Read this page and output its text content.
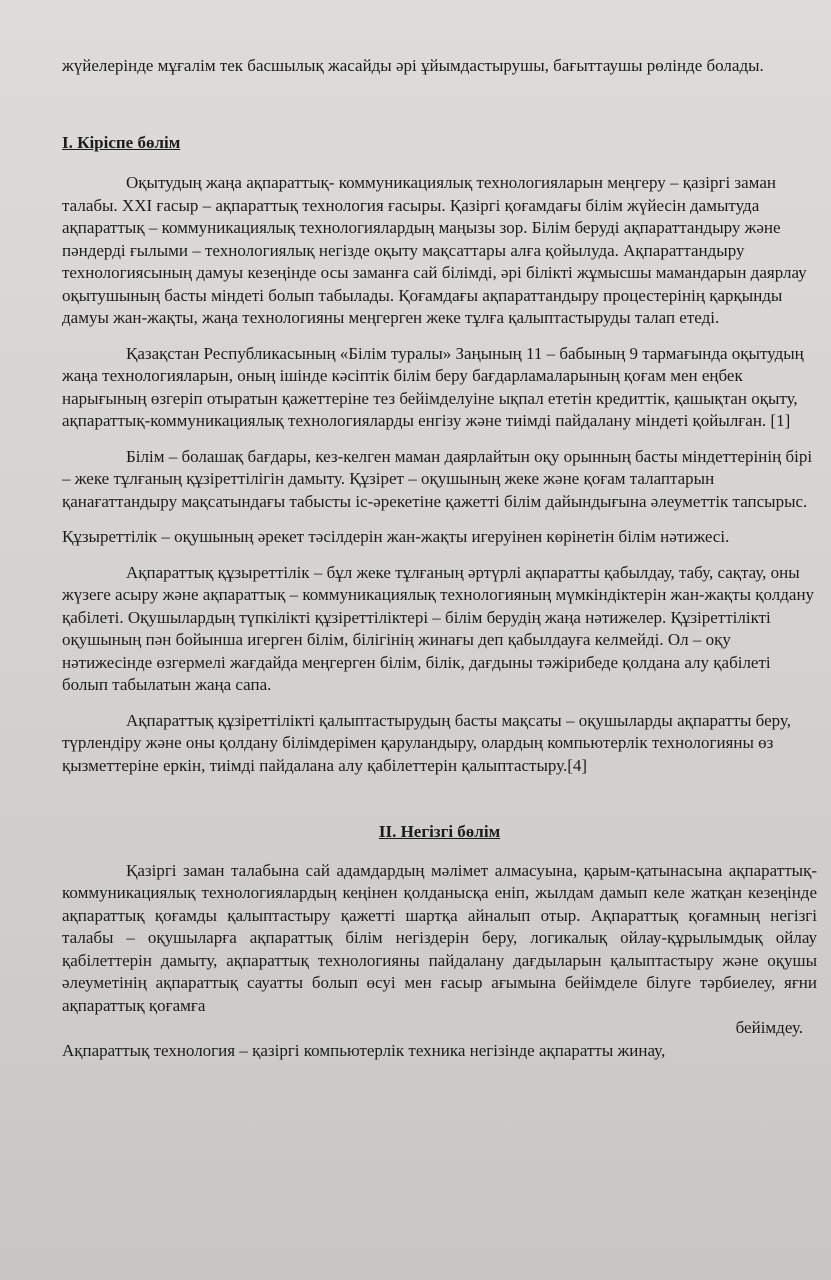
жүйелерінде мұғалім тек басшылық жасайды әрі ұйымдастырушы, бағыттаушы рөлінде болады.

I. Кіріспе бөлім

Оқытудың жаңа ақпараттық- коммуникациялық технологияларын меңгеру – қазіргі заман талабы. XXI ғасыр – ақпараттық технология ғасыры. Қазіргі қоғамдағы білім жүйесін дамытуда ақпараттық – коммуникациялық технологиялардың маңызы зор. Білім беруді ақпараттандыру және пәндерді ғылыми – технологиялық негізде оқыту мақсаттары алға қойылуда. Ақпараттандыру технологиясының дамуы кезеңінде осы заманға сай білімді, әрі білікті жұмысшы мамандарын даярлау оқытушының басты міндеті болып табылады. Қоғамдағы ақпараттандыру процестерінің қарқынды дамуы жан-жақты, жаңа технологияны меңгерген жеке тұлға қалыптастыруды талап етеді.

Қазақстан Республикасының «Білім туралы» Заңының 11 – бабының 9 тармағында оқытудың жаңа технологияларын, оның ішінде кәсіптік білім беру бағдарламаларының қоғам мен еңбек нарығының өзгеріп отыратын қажеттеріне тез бейімделуіне ықпал ететін кредиттік, қашықтан оқыту, ақпараттық-коммуникациялық технологияларды енгізу және тиімді пайдалану міндеті қойылған. [1]

Білім – болашақ бағдары, кез-келген маман даярлайтын оқу орынның басты міндеттерінің бірі – жеке тұлғаның құзіреттілігін дамыту. Құзірет – оқушының жеке және қоғам талаптарын қанағаттандыру мақсатындағы табысты іс-әрекетіне қажетті білім дайындығына әлеуметтік тапсырыс.

Құзыреттілік – оқушының әрекет тәсілдерін жан-жақты игеруінен көрінетін білім нәтижесі.

Ақпараттық құзыреттілік – бұл жеке тұлғаның әртүрлі ақпаратты қабылдау, табу, сақтау, оны жүзеге асыру және ақпараттық – коммуникациялық технологияның мүмкіндіктерін жан-жақты қолдану қабілеті. Оқушылардың түпкілікті құзіреттіліктері – білім берудің жаңа нәтижелер. Құзіреттілікті оқушының пән бойынша игерген білім, білігінің жинағы деп қабылдауға келмейді. Ол – оқу нәтижесінде өзгермелі жағдайда меңгерген білім, білік, дағдыны тәжірибеде қолдана алу қабілеті болып табылатын жаңа сапа.

Ақпараттық құзіреттілікті қалыптастырудың басты мақсаты – оқушыларды ақпаратты беру, түрлендіру және оны қолдану білімдерімен қаруландыру, олардың компьютерлік технологияны өз қызметтеріне еркін, тиімді пайдалана алу қабілеттерін қалыптастыру.[4]

II. Негізгі бөлім

Қазіргі заман талабына сай адамдардың мәлімет алмасуына, қарым-қатынасына ақпараттық-коммуникациялық технологиялардың кеңінен қолданысқа еніп, жылдам дамып келе жатқан кезеңінде ақпараттық қоғамды қалыптастыру қажетті шартқа айналып отыр. Ақпараттық қоғамның негізгі талабы – оқушыларға ақпараттық білім негіздерін беру, логикалық ойлау-құрылымдық ойлау қабілеттерін дамыту, ақпараттық технологияны пайдалану дағдыларын қалыптастыру және оқушы әлеуметінің ақпараттық сауатты болып өсуі мен ғасыр ағымына бейімделе білуге тәрбиелеу, яғни ақпараттық қоғамға
бейімдеу.

Ақпараттық технология – қазіргі компьютерлік техника негізінде ақпаратты жинау,
